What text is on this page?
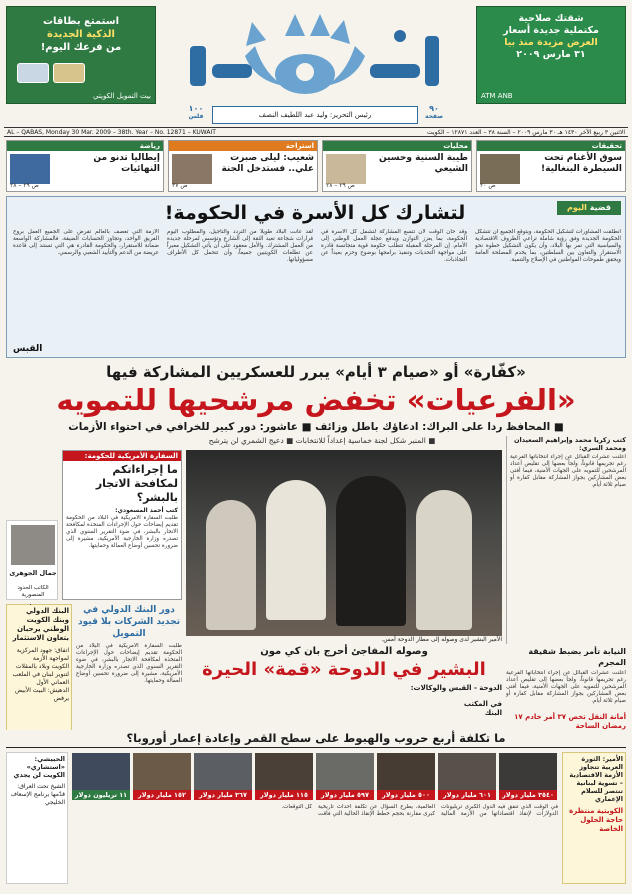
استمتع بطاقات
الذكية الجديدة
من فرعك اليوم!
بيت التمويل الكويتي
رئيس التحرير: وليد عبد اللطيف النصف
١٠٠
فلس
٩٠
صفحة
شقتك صلاحية
مكتملية جديدة أسعار
العرض مزيدة منذ بيا
٣١ مارس ٢٠٠٩
ATM ANB
AL – QABAS, Monday 30 Mar. 2009 – 38th. Year – No. 12871 – KUWAIT	الاثنين ٣ ربيع الآخر ١٤٣٠ هـ ٣٠ مارس ٢٠٠٩ – السنة ٣٨ – العدد ١٢٨٧١ – الكويت
تحقيقات
سوق الأغنام تحت السيطرة البنغالية!
ص ٢٠
محليات
طيبة السنية وحسين الشيعي
ص ٢٩ – ٢٨
استراحة
شعيب: ليلى صبرت علي.. فستدخل الجنة
ص ٣٧
رياضة
إيطاليا تدنو من النهائيات
ص ٢٩ – ٢٨
قضية اليوم
لتشارك كل الأسرة في الحكومة!
انطلقت المشاورات لتشكيل الحكومة، ويتوقع الجميع أن تتشكل الحكومة الجديدة وفق رؤية شاملة تراعي الظروف الاقتصادية والسياسية التي تمر بها البلاد، وأن يكون التشكيل خطوة نحو الاستقرار والتعاون بين السلطتين، بما يخدم المصلحة العامة ويحقق طموحات المواطنين في الإصلاح والتنمية.
وقد حان الوقت لأن تتسع المشاركة لتشمل كل الأسرة في الحكومة، بما يعزز التوازن ويدفع عجلة العمل الوطني إلى الأمام. إن المرحلة المقبلة تتطلب حكومة قوية متجانسة قادرة على مواجهة التحديات وتنفيذ برامجها بوضوح وحزم بعيداً عن التجاذبات.
لقد عانت البلاد طويلاً من التردد والتأجيل، والمطلوب اليوم قرارات شجاعة تعيد الثقة إلى الشارع وتؤسس لمرحلة جديدة من العمل المشترك. والأمل معقود على أن يأتي التشكيل معبراً عن تطلعات الكويتيين جميعاً، وأن تتحمل كل الأطراف مسؤولياتها.
الأزمة التي تعصف بالعالم تفرض على الجميع العمل بروح الفريق الواحد، وتجاوز الحسابات الضيقة. فالمشاركة الواسعة ضمانة للاستقرار، والحكومة القادرة هي التي تستند إلى قاعدة عريضة من الدعم والتأييد الشعبي والرسمي.
القبس
«كفّارة» أو «صيام ٣ أيام» يبرر للعسكريين المشاركة فيها
«الفرعيات» تخفض مرشحيها للتمويه
■ المحافظ ردا على البراك: ادعاؤك باطل وزائف ■ عاشور: دور كبير للخرافي في احتواء الأزمات
■ المنبر شكل لجنة خماسية إعداداً للانتخابات ■ دعيج الشمري لن يترشح	كتب زكريا محمد وإبراهيم السعيدان ومحمد السري:
أعلنت عشرات القبائل عن إجراء انتخاباتها الفرعية رغم تجريمها قانوناً، ولجأ بعضها إلى تقليص أعداد المرشحين للتمويه على الجهات الأمنية، فيما أفتى بعض المشاركين بجواز المشاركة مقابل كفارة أو صيام ثلاثة أيام.
الأمير البشير لدى وصوله إلى مطار الدوحة أمس.
وصوله المفاجئ أحرج بان كي مون
البشير في الدوحة «قمة» الحيرة
الدوحة - القبس والوكالات:
السفارة الأمريكية للحكومة:
ما إجراءاتكم لمكافحة الاتجار بالبشر؟
كتب أحمد المسعودي:
طلبت السفارة الأمريكية في البلاد من الحكومة تقديم إيضاحات حول الإجراءات المتخذة لمكافحة الاتجار بالبشر، في ضوء التقرير السنوي الذي تصدره وزارة الخارجية الأمريكية، مشيرة إلى ضرورة تحسين أوضاع العمالة وحمايتها.
البنك الدولي وبنك الكويت الوطني يرحبان بتعاون الاستثمار
اتفاق: جهود المركزية لمواجهة الأزمة
الكويت وبلاد بالمقلات
لتنوير لبنان في الملعب العماني الأول
الدهيش: البيت الأبيض يرفض
دور البنك الدولي في تجديد الشركات بلا قيود التمويل
طلبت السفارة الأمريكية في البلاد من الحكومة تقديم إيضاحات حول الإجراءات المتخذة لمكافحة الاتجار بالبشر، في ضوء التقرير السنوي الذي تصدره وزارة الخارجية الأمريكية، مشيرة إلى ضرورة تحسين أوضاع العمالة وحمايتها.
النيابة تأمر بضبط شقيقة المجرم
أعلنت عشرات القبائل عن إجراء انتخاباتها الفرعية رغم تجريمها قانوناً، ولجأ بعضها إلى تقليص أعداد المرشحين للتمويه على الجهات الأمنية، فيما أفتى بعض المشاركين بجواز المشاركة مقابل كفارة أو صيام ثلاثة أيام.
أمانة النقل تخص ٣٧ أمر خادم ١٧ رمضان الساحة
في المكتب البنك
جمال الجوهرى
الكاتب الحدود المنصورية
ما تكلفة أربع حروب والهبوط على سطح القمر وإعادة إعمار أوروبا؟
الأمير: الثورة العربية تتجاوز الأزمة الاقتصادية – تسوية لبنانية تنتصر للسلام الإعماري
الكويتية منتظرة حاجة الحلول الخاصة
الحبيشي: «استشاري» الكويت لن يجدي
الشيخ تحت العراق: قدّمها برنامج الإسعاف الخليجي
١١ تريليون دولار	١٥٢ مليار دولار	٣٦٧ مليار دولار	١١٥ مليار دولار	٥٩٧ مليار دولار	٥٠٠ مليار دولار	٦٠١ مليار دولار	٣٥٤٠ مليار دولار
في الوقت الذي تنفق فيه الدول الكبرى تريليونات الدولارات لإنقاذ اقتصاداتها من الأزمة المالية العالمية، يطرح السؤال عن تكلفة أحداث تاريخية كبرى مقارنة بحجم خطط الإنقاذ الحالية التي فاقت كل التوقعات.
